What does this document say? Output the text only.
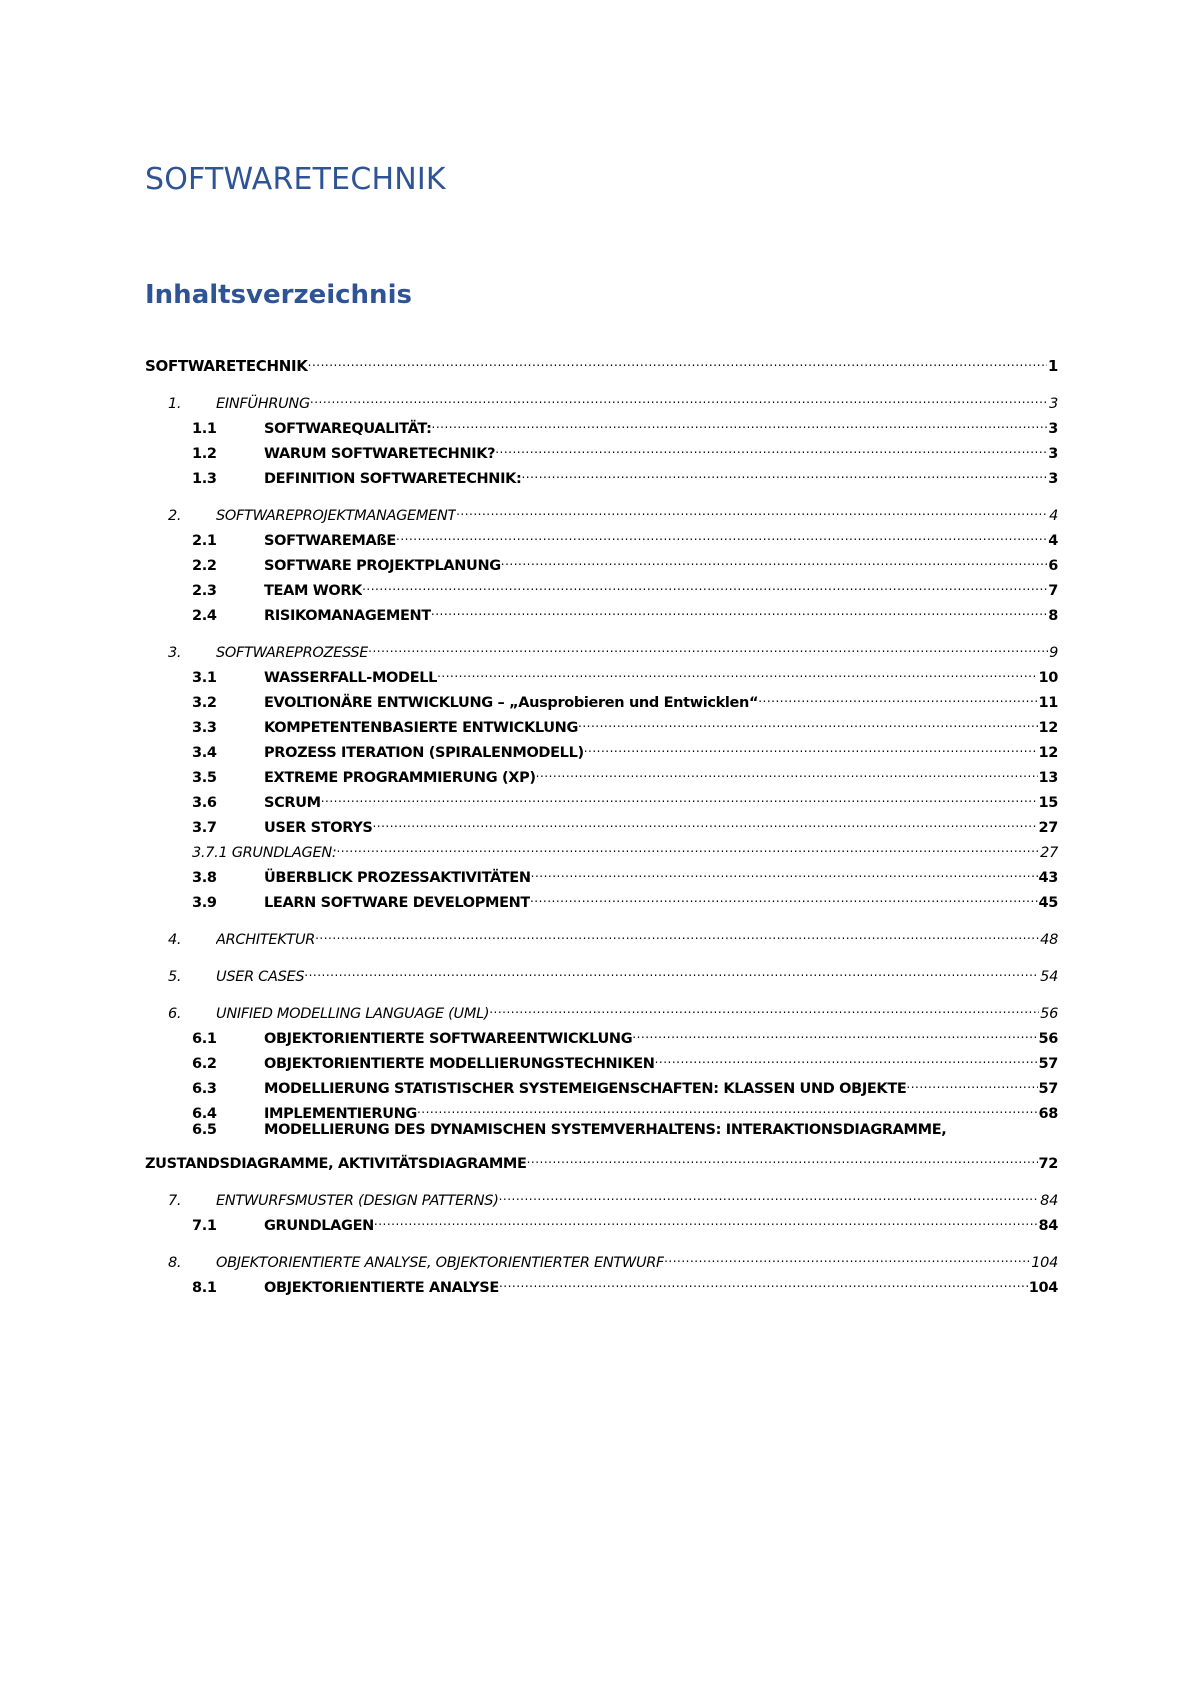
SOFTWARETECHNIK
Inhaltsverzeichnis
SOFTWARETECHNIK .....	1
1.	EINFÜHRUNG .....	3
1.1	SOFTWAREQUALITÄT: .....	3
1.2	WARUM SOFTWARETECHNIK? .....	3
1.3	DEFINITION SOFTWARETECHNIK: .....	3
2.	SOFTWAREPROJEKTMANAGEMENT .....	4
2.1	SOFTWAREMAßE .....	4
2.2	SOFTWARE PROJEKTPLANUNG .....	6
2.3	TEAM WORK .....	7
2.4	RISIKOMANAGEMENT .....	8
3.	SOFTWAREPROZESSE .....	9
3.1	WASSERFALL-MODELL .....	10
3.2	EVOLTIONÄRE ENTWICKLUNG – „Ausprobieren und Entwicklen“ .....	11
3.3	KOMPETENTENBASIERTE ENTWICKLUNG .....	12
3.4	PROZESS ITERATION (SPIRALENMODELL) .....	12
3.5	EXTREME PROGRAMMIERUNG (XP) .....	13
3.6	SCRUM .....	15
3.7	USER STORYS .....	27
3.7.1 GRUNDLAGEN: .....	27
3.8	ÜBERBLICK PROZESSAKTIVITÄTEN .....	43
3.9	LEARN SOFTWARE DEVELOPMENT .....	45
4.	ARCHITEKTUR .....	48
5.	USER CASES .....	54
6.	UNIFIED MODELLING LANGUAGE (UML) .....	56
6.1	OBJEKTORIENTIERTE SOFTWAREENTWICKLUNG .....	56
6.2	OBJEKTORIENTIERTE MODELLIERUNGSTECHNIKEN .....	57
6.3	MODELLIERUNG STATISTISCHER SYSTEMEIGENSCHAFTEN: KLASSEN UND OBJEKTE .....	57
6.4	IMPLEMENTIERUNG .....	68
6.5	MODELLIERUNG DES DYNAMISCHEN SYSTEMVERHALTENS: INTERAKTIONSDIAGRAMME,
ZUSTANDSDIAGRAMME, AKTIVITÄTSDIAGRAMME .....	72
7.	ENTWURFSMUSTER (DESIGN PATTERNS) .....	84
7.1	GRUNDLAGEN .....	84
8.	OBJEKTORIENTIERTE ANALYSE, OBJEKTORIENTIERTER ENTWURF .....	104
8.1	OBJEKTORIENTIERTE ANALYSE .....	104
